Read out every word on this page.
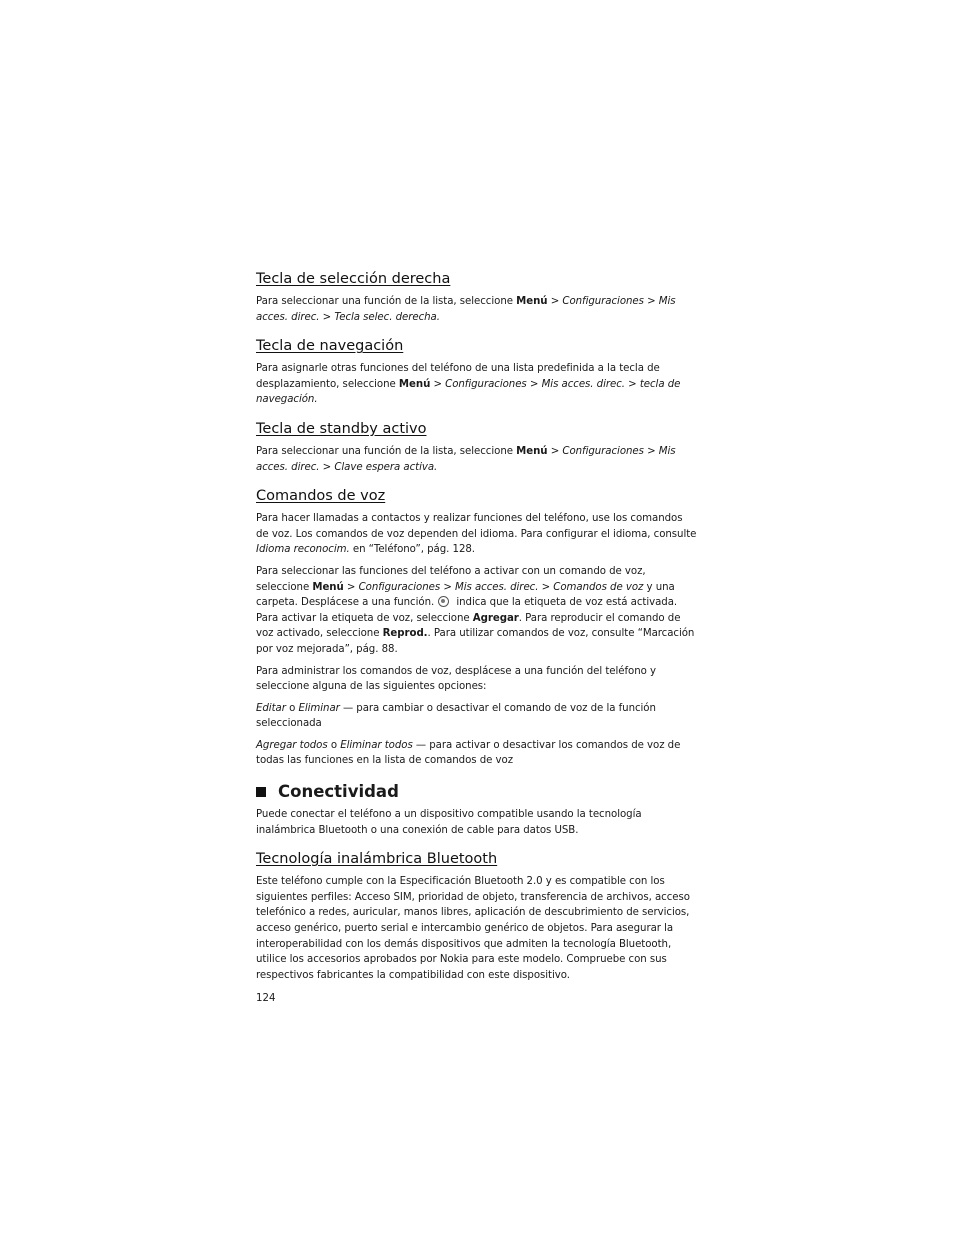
Tecla de selección derecha

Para seleccionar una función de la lista, seleccione Menú > Configuraciones > Mis acces. direc. > Tecla selec. derecha.

Tecla de navegación

Para asignarle otras funciones del teléfono de una lista predefinida a la tecla de desplazamiento, seleccione Menú > Configuraciones > Mis acces. direc. > tecla de navegación.

Tecla de standby activo

Para seleccionar una función de la lista, seleccione Menú > Configuraciones > Mis acces. direc. > Clave espera activa.

Comandos de voz

Para hacer llamadas a contactos y realizar funciones del teléfono, use los comandos de voz. Los comandos de voz dependen del idioma. Para configurar el idioma, consulte Idioma reconocim. en “Teléfono”, pág. 128.

Para seleccionar las funciones del teléfono a activar con un comando de voz, seleccione Menú > Configuraciones > Mis acces. direc. > Comandos de voz y una carpeta. Desplácese a una función. indica que la etiqueta de voz está activada. Para activar la etiqueta de voz, seleccione Agregar. Para reproducir el comando de voz activado, seleccione Reprod.. Para utilizar comandos de voz, consulte “Marcación por voz mejorada”, pág. 88.

Para administrar los comandos de voz, desplácese a una función del teléfono y seleccione alguna de las siguientes opciones:

Editar o Eliminar — para cambiar o desactivar el comando de voz de la función seleccionada

Agregar todos o Eliminar todos — para activar o desactivar los comandos de voz de todas las funciones en la lista de comandos de voz

Conectividad

Puede conectar el teléfono a un dispositivo compatible usando la tecnología inalámbrica Bluetooth o una conexión de cable para datos USB.

Tecnología inalámbrica Bluetooth

Este teléfono cumple con la Especificación Bluetooth 2.0 y es compatible con los siguientes perfiles: Acceso SIM, prioridad de objeto, transferencia de archivos, acceso telefónico a redes, auricular, manos libres, aplicación de descubrimiento de servicios, acceso genérico, puerto serial e intercambio genérico de objetos. Para asegurar la interoperabilidad con los demás dispositivos que admiten la tecnología Bluetooth, utilice los accesorios aprobados por Nokia para este modelo. Compruebe con sus respectivos fabricantes la compatibilidad con este dispositivo.

124
